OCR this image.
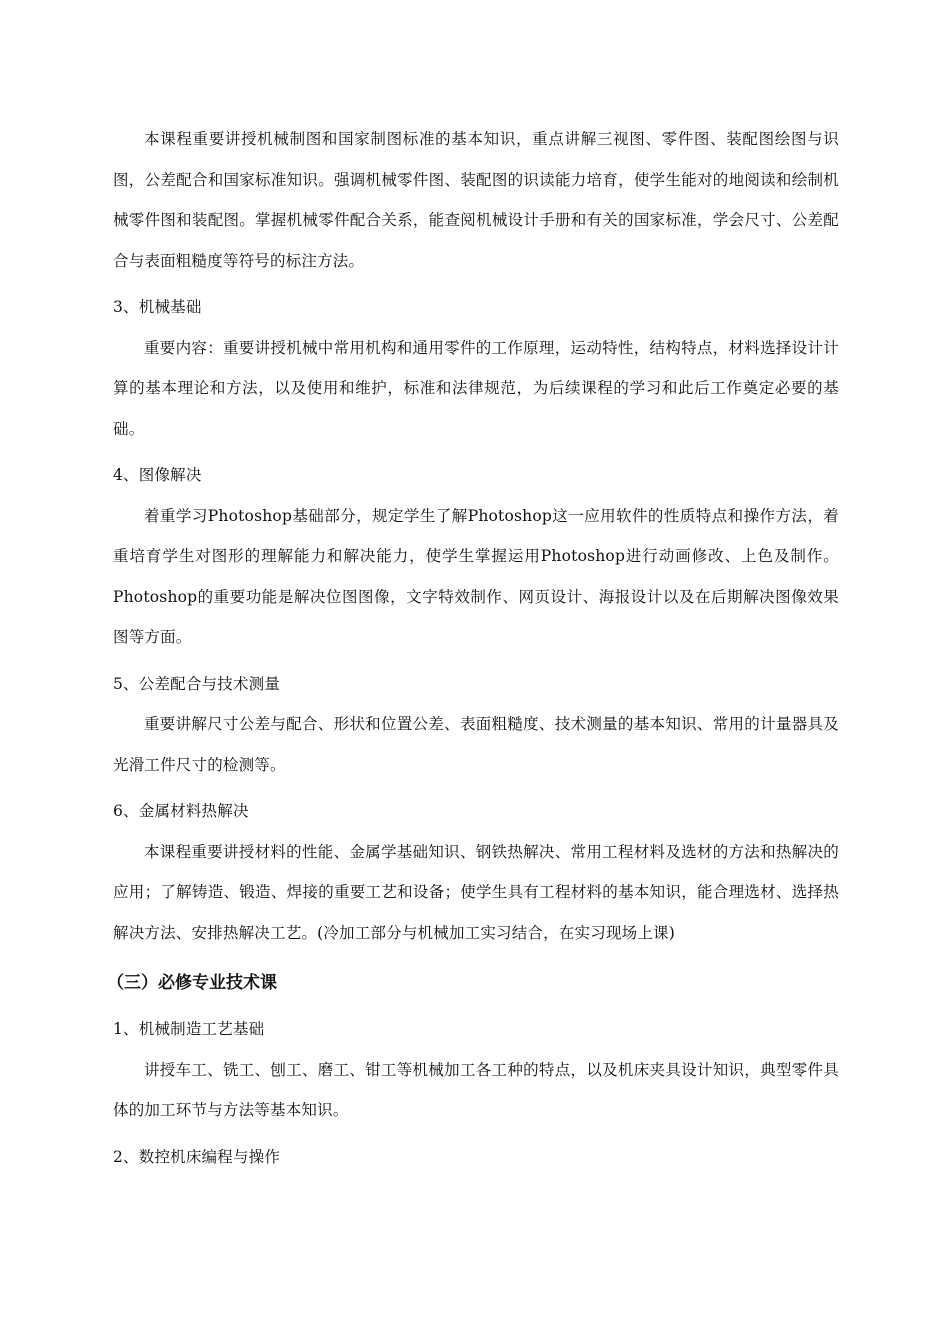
本课程重要讲授机械制图和国家制图标准的基本知识，重点讲解三视图、零件图、装配图绘图与识图，公差配合和国家标准知识。强调机械零件图、装配图的识读能力培育，使学生能对的地阅读和绘制机械零件图和装配图。掌握机械零件配合关系，能查阅机械设计手册和有关的国家标准，学会尺寸、公差配合与表面粗糙度等符号的标注方法。

3、机械基础

重要内容：重要讲授机械中常用机构和通用零件的工作原理，运动特性，结构特点，材料选择设计计算的基本理论和方法，以及使用和维护，标准和法律规范，为后续课程的学习和此后工作奠定必要的基础。

4、图像解决

着重学习Photoshop基础部分，规定学生了解Photoshop这一应用软件的性质特点和操作方法，着重培育学生对图形的理解能力和解决能力，使学生掌握运用Photoshop进行动画修改、上色及制作。Photoshop的重要功能是解决位图图像，文字特效制作、网页设计、海报设计以及在后期解决图像效果图等方面。

5、公差配合与技术测量

重要讲解尺寸公差与配合、形状和位置公差、表面粗糙度、技术测量的基本知识、常用的计量器具及光滑工件尺寸的检测等。

6、金属材料热解决

本课程重要讲授材料的性能、金属学基础知识、钢铁热解决、常用工程材料及选材的方法和热解决的应用；了解铸造、锻造、焊接的重要工艺和设备；使学生具有工程材料的基本知识，能合理选材、选择热解决方法、安排热解决工艺。(冷加工部分与机械加工实习结合，在实习现场上课)

（三）必修专业技术课
1、机械制造工艺基础

讲授车工、铣工、刨工、磨工、钳工等机械加工各工种的特点，以及机床夹具设计知识，典型零件具体的加工环节与方法等基本知识。

2、数控机床编程与操作
